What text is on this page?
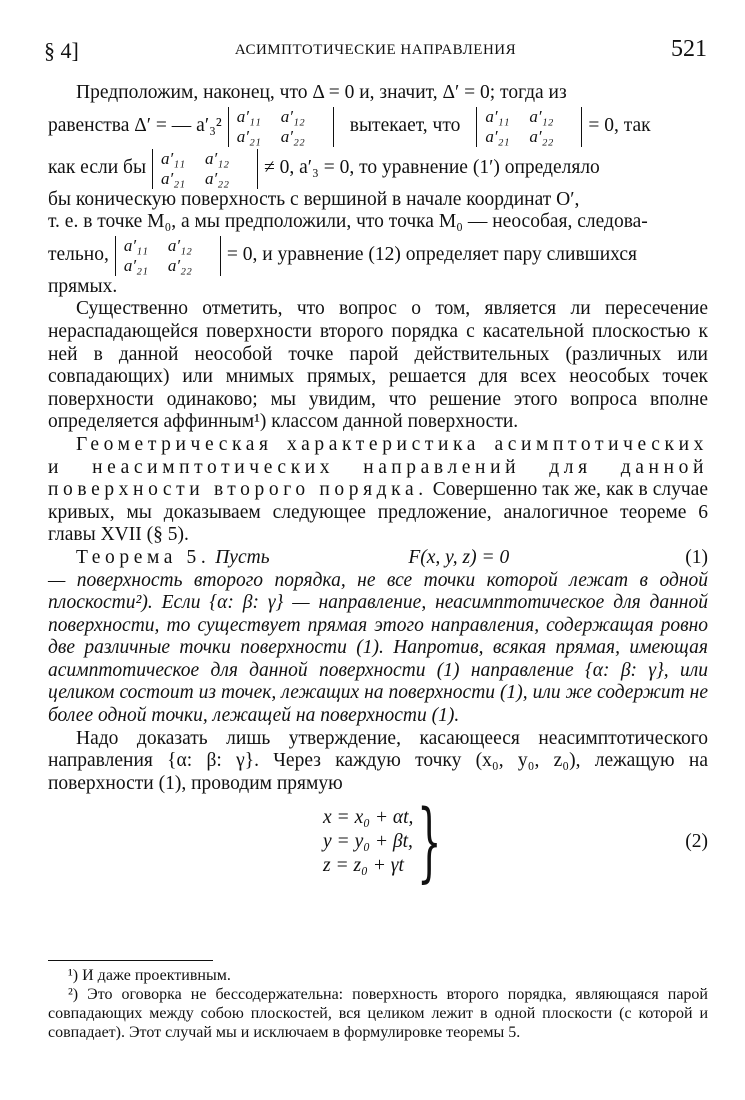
§ 4]	АСИМПТОТИЧЕСКИЕ НАПРАВЛЕНИЯ	521

Предположим, наконец, что Δ = 0 и, значит, Δ′ = 0; тогда из

равенства Δ′ = — a′₃² a′₁₁ a′₁₂
a′₂₁ a′₂₂	вытекает, что a′₁₁ a′₁₂
a′₂₁ a′₂₂	= 0, так
как если бы a′₁₁ a′₁₂
a′₂₁ a′₂₂	≠ 0, a′₃ = 0, то уравнение (1′) определяло

бы коническую поверхность с вершиной в начале координат O′,

т. е. в точке M₀, а мы предположили, что точка M₀ — неособая, следова-

тельно, a′₁₁ a′₁₂
a′₂₁ a′₂₂	= 0, и уравнение (12) определяет пару слившихся

прямых.

Существенно отметить, что вопрос о том, является ли пересечение нераспадающейся поверхности второго порядка с касательной плоскостью к ней в данной неособой точке парой действительных (различных или совпадающих) или мнимых прямых, решается для всех неособых точек поверхности одинаково; мы увидим, что решение этого вопроса вполне определяется аффинным¹) классом данной поверхности.

Геометрическая характеристика асимптотических и неасимптотических направлений для данной поверхности второго порядка. Совершенно так же, как в случае кривых, мы доказываем следующее предложение, аналогичное теореме 6 главы XVII (§ 5).

Теорема 5. Пусть	F(x, y, z) = 0	(1)

— поверхность второго порядка, не все точки которой лежат в одной плоскости²). Если {α: β: γ} — направление, неасимптотическое для данной поверхности, то существует прямая этого направления, содержащая ровно две различные точки поверхности (1). Напротив, всякая прямая, имеющая асимптотическое для данной поверхности (1) направление {α: β: γ}, или целиком состоит из точек, лежащих на поверхности (1), или же содержит не более одной точки, лежащей на поверхности (1).

Надо доказать лишь утверждение, касающееся неасимптотического направления {α: β: γ}. Через каждую точку (x₀, y₀, z₀), лежащую на поверхности (1), проводим прямую

x = x₀ + αt,
y = y₀ + βt,
z = z₀ + γt }	(2)

¹) И даже проективным.

²) Это оговорка не бессодержательна: поверхность второго порядка, являющаяся парой совпадающих между собою плоскостей, вся целиком лежит в одной плоскости (с которой и совпадает). Этот случай мы и исключаем в формулировке теоремы 5.
